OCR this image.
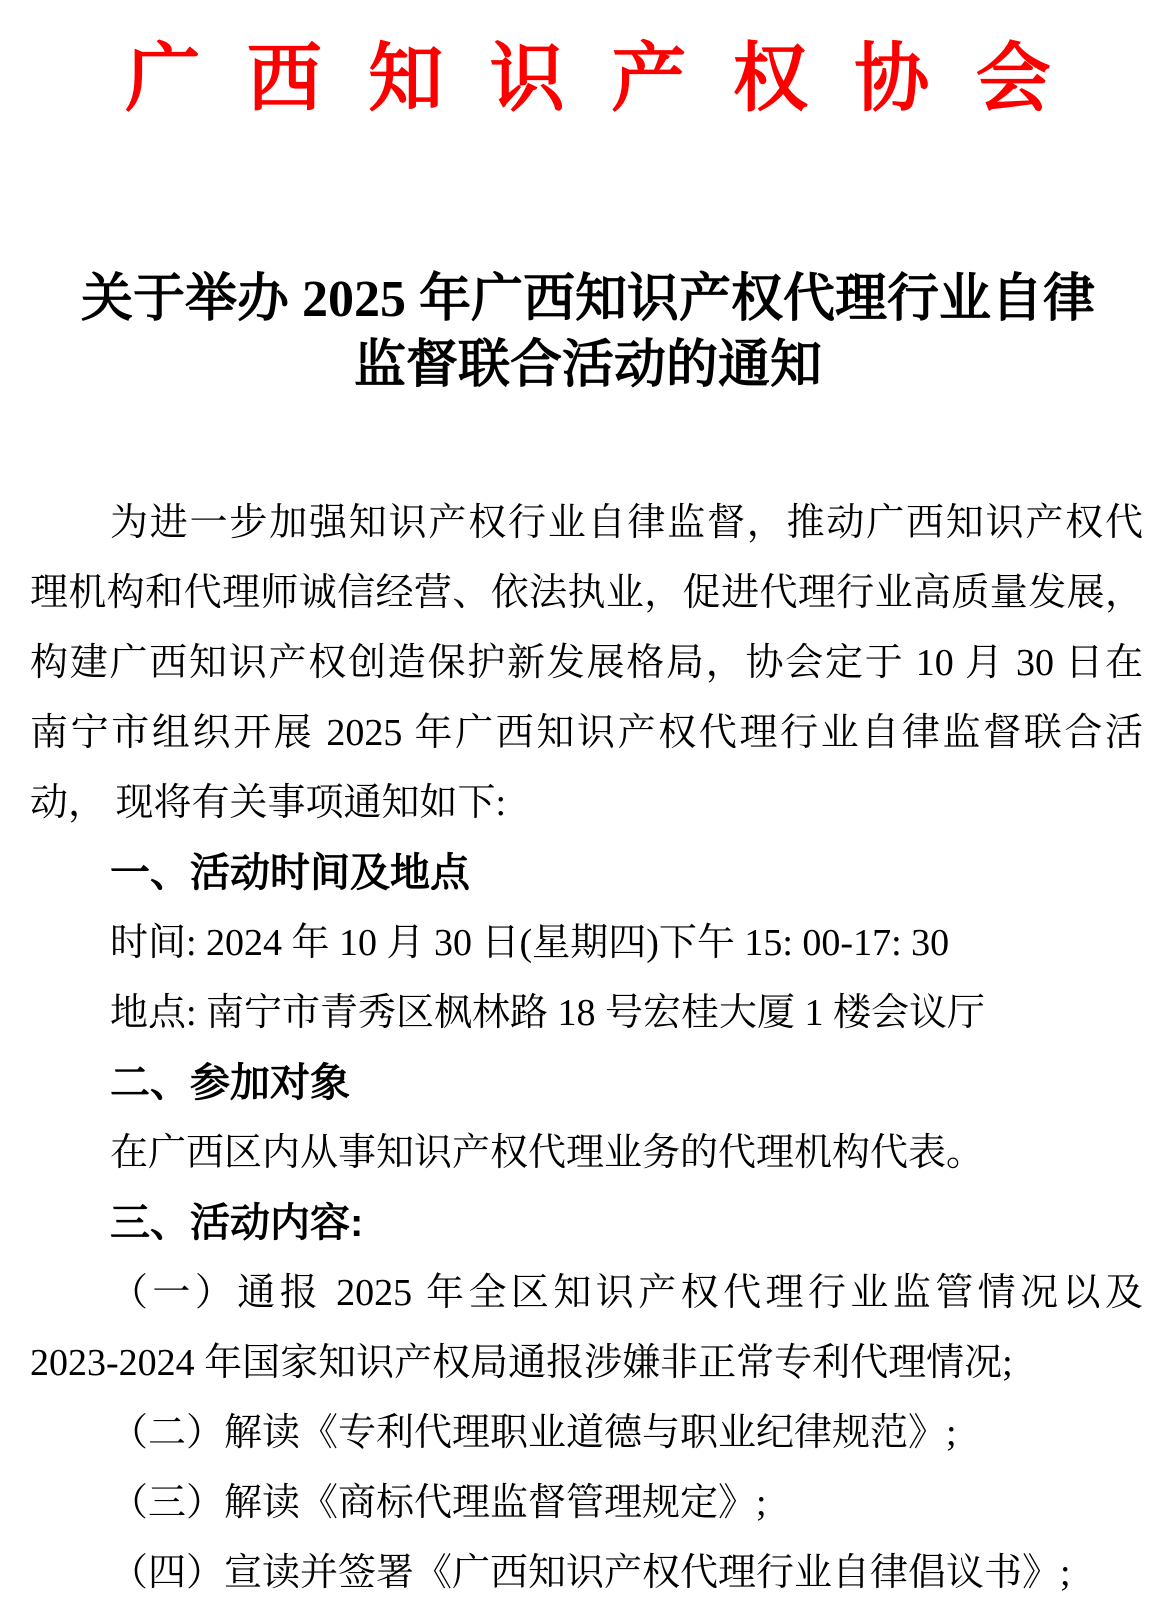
广西知识产权协会
关于举办 2025 年广西知识产权代理行业自律
监督联合活动的通知
为进一步加强知识产权行业自律监督，推动广西知识产权代
理机构和代理师诚信经营、依法执业，促进代理行业高质量发展，
构建广西知识产权创造保护新发展格局，协会定于 10 月 30 日在
南宁市组织开展 2025 年广西知识产权代理行业自律监督联合活
动， 现将有关事项通知如下:
一、活动时间及地点
时间: 2024 年 10 月 30 日(星期四)下午 15: 00-17: 30
地点: 南宁市青秀区枫林路 18 号宏桂大厦 1 楼会议厅
二、参加对象
在广西区内从事知识产权代理业务的代理机构代表。
三、活动内容:
（一）通报 2025 年全区知识产权代理行业监管情况以及
2023-2024 年国家知识产权局通报涉嫌非正常专利代理情况;
（二）解读《专利代理职业道德与职业纪律规范》;
（三）解读《商标代理监督管理规定》;
（四）宣读并签署《广西知识产权代理行业自律倡议书》;
